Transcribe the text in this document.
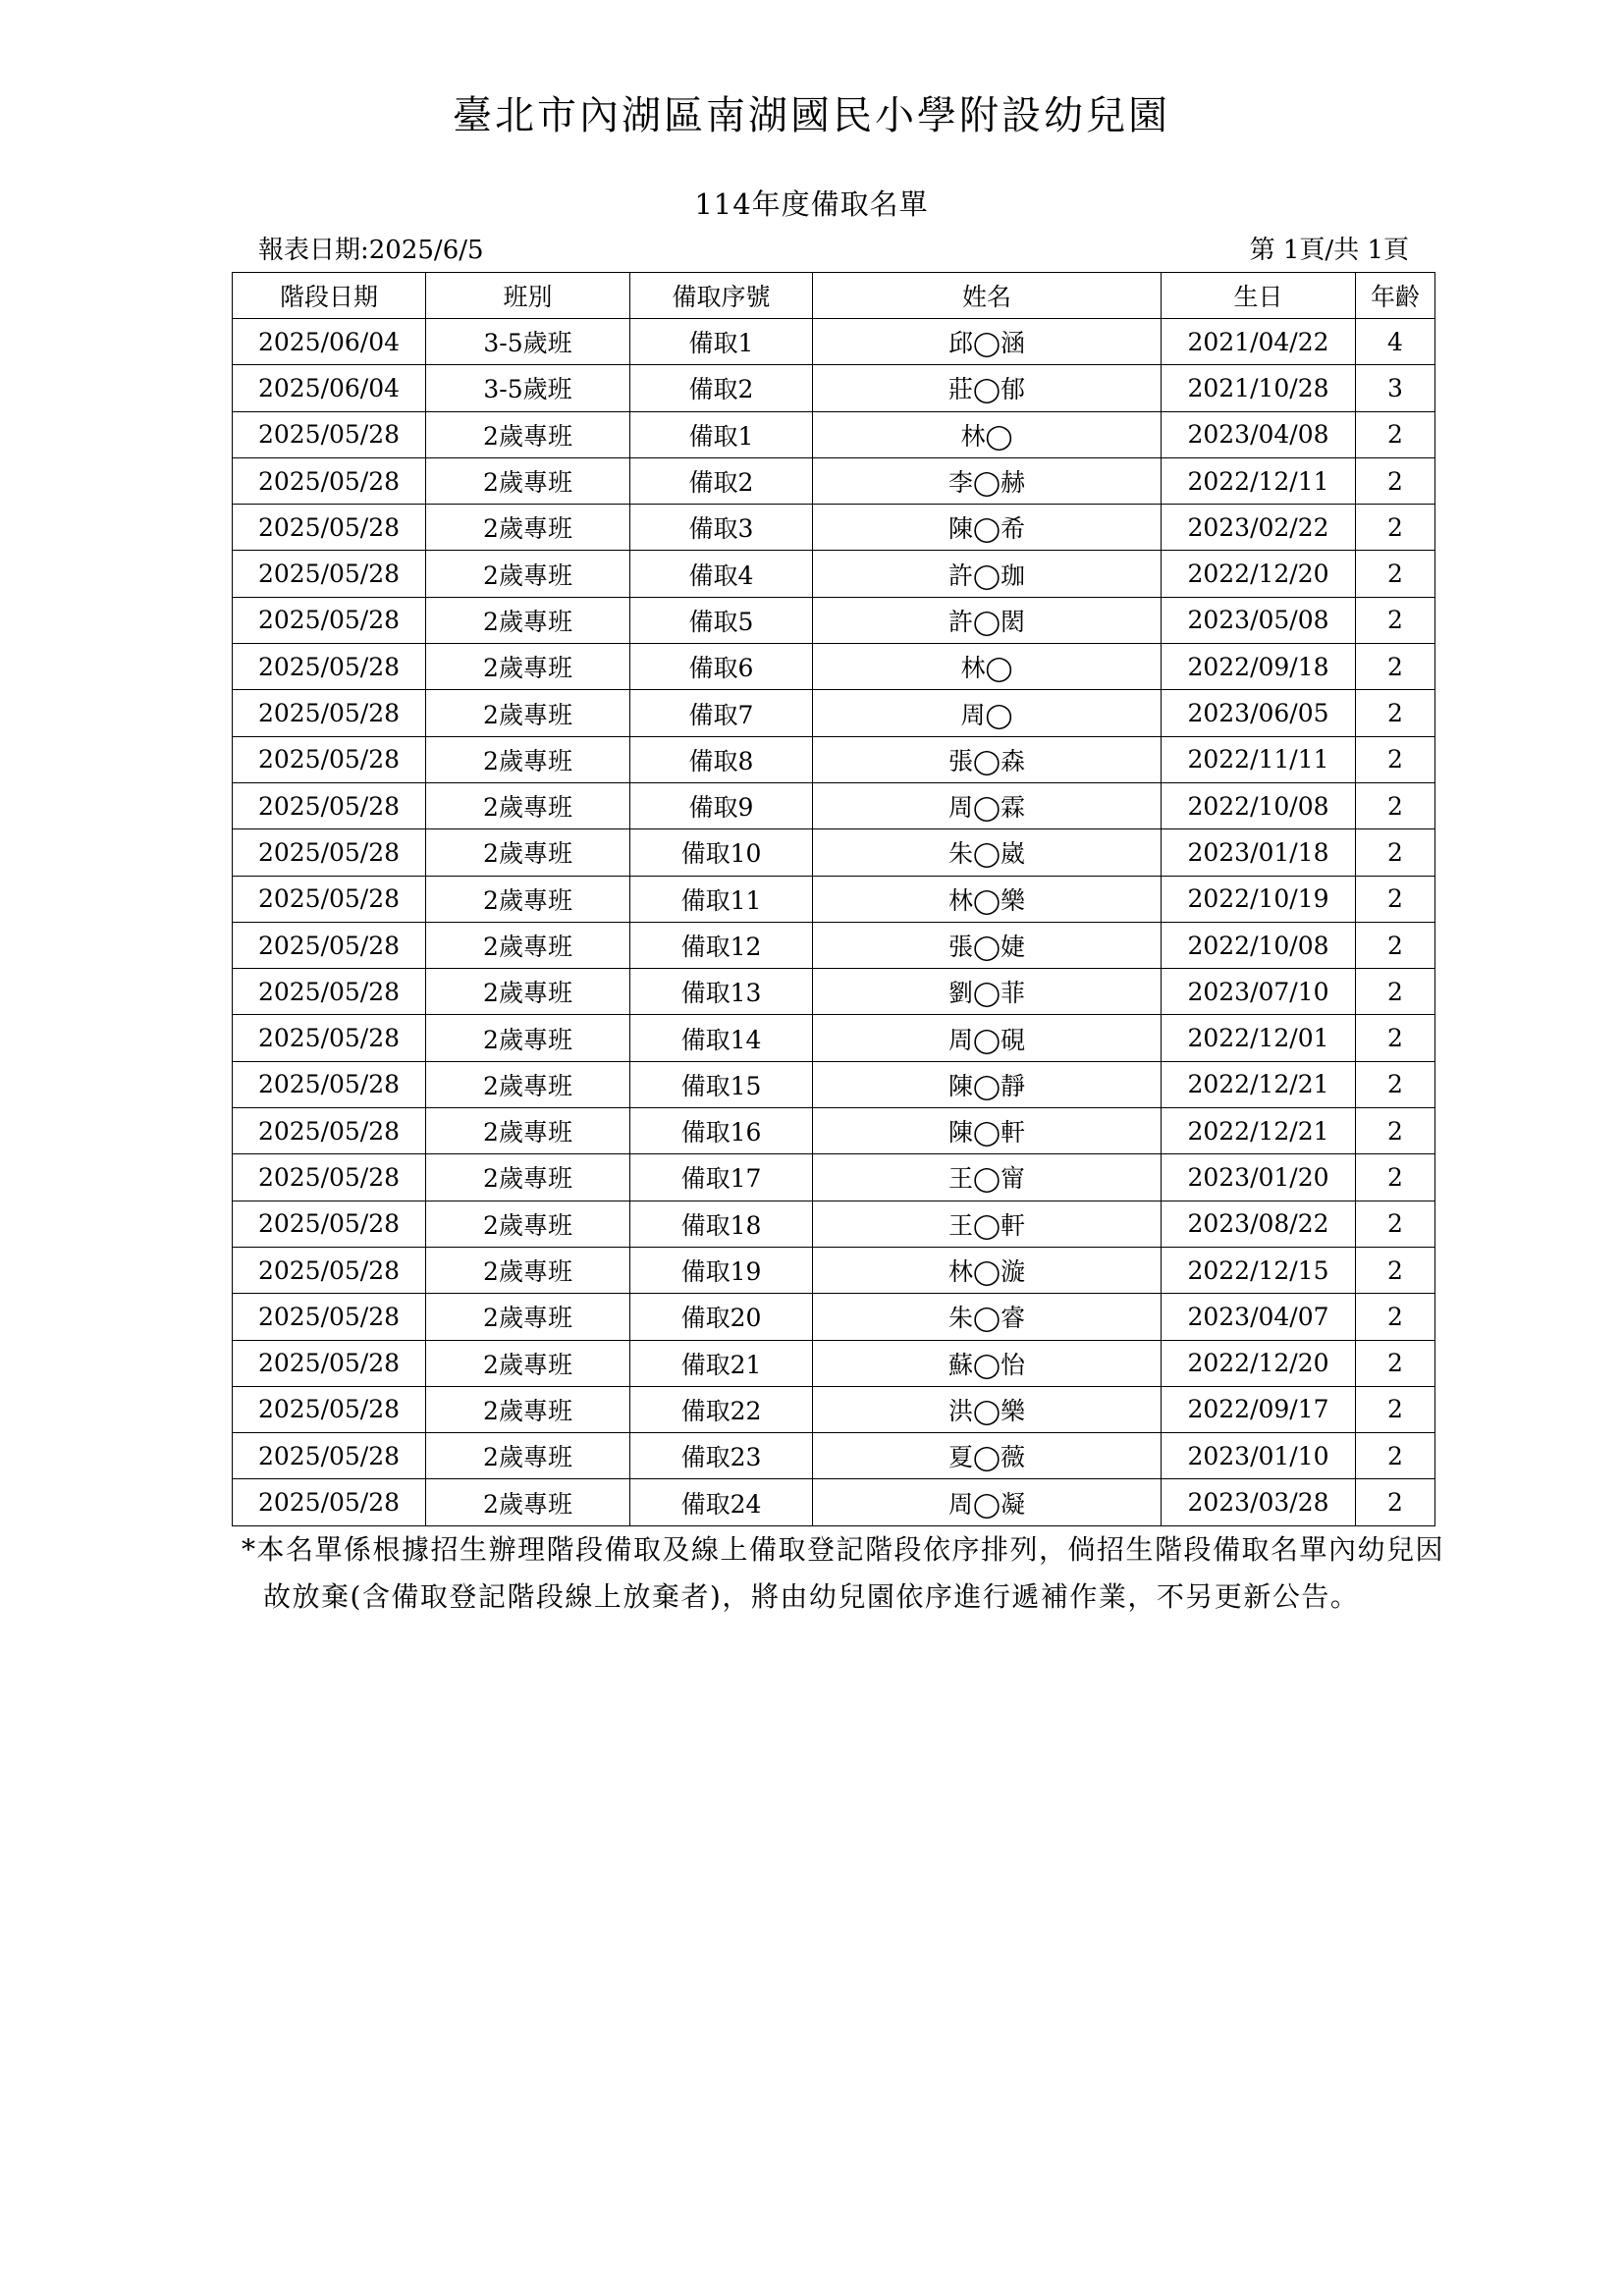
臺北市內湖區南湖國民小學附設幼兒園
114年度備取名單
報表日期:2025/6/5	第 1頁/共 1頁
階段日期	班別	備取序號	姓名	生日	年齡
2025/06/04	3-5歲班	備取1	邱◯涵	2021/04/22	4
2025/06/04	3-5歲班	備取2	莊◯郁	2021/10/28	3
2025/05/28	2歲專班	備取1	林◯	2023/04/08	2
2025/05/28	2歲專班	備取2	李◯赫	2022/12/11	2
2025/05/28	2歲專班	備取3	陳◯希	2023/02/22	2
2025/05/28	2歲專班	備取4	許◯珈	2022/12/20	2
2025/05/28	2歲專班	備取5	許◯閎	2023/05/08	2
2025/05/28	2歲專班	備取6	林◯	2022/09/18	2
2025/05/28	2歲專班	備取7	周◯	2023/06/05	2
2025/05/28	2歲專班	備取8	張◯森	2022/11/11	2
2025/05/28	2歲專班	備取9	周◯霖	2022/10/08	2
2025/05/28	2歲專班	備取10	朱◯崴	2023/01/18	2
2025/05/28	2歲專班	備取11	林◯樂	2022/10/19	2
2025/05/28	2歲專班	備取12	張◯婕	2022/10/08	2
2025/05/28	2歲專班	備取13	劉◯菲	2023/07/10	2
2025/05/28	2歲專班	備取14	周◯硯	2022/12/01	2
2025/05/28	2歲專班	備取15	陳◯靜	2022/12/21	2
2025/05/28	2歲專班	備取16	陳◯軒	2022/12/21	2
2025/05/28	2歲專班	備取17	王◯甯	2023/01/20	2
2025/05/28	2歲專班	備取18	王◯軒	2023/08/22	2
2025/05/28	2歲專班	備取19	林◯漩	2022/12/15	2
2025/05/28	2歲專班	備取20	朱◯睿	2023/04/07	2
2025/05/28	2歲專班	備取21	蘇◯怡	2022/12/20	2
2025/05/28	2歲專班	備取22	洪◯樂	2022/09/17	2
2025/05/28	2歲專班	備取23	夏◯薇	2023/01/10	2
2025/05/28	2歲專班	備取24	周◯凝	2023/03/28	2
*本名單係根據招生辦理階段備取及線上備取登記階段依序排列，倘招生階段備取名單內幼兒因故放棄(含備取登記階段線上放棄者)，將由幼兒園依序進行遞補作業，不另更新公告。
